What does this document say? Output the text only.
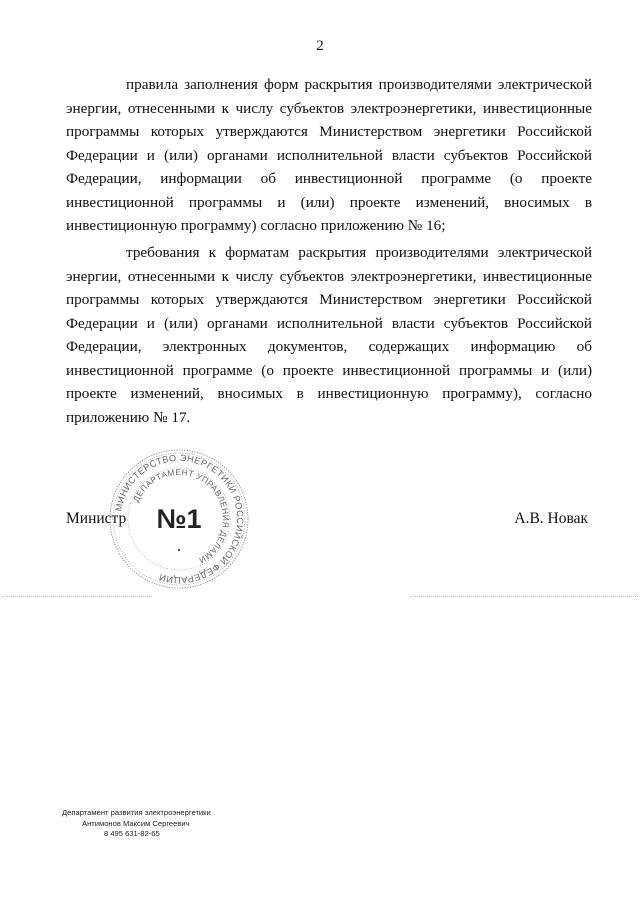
2

правила заполнения форм раскрытия производителями электрической энергии, отнесенными к числу субъектов электроэнергетики, инвестиционные программы которых утверждаются Министерством энергетики Российской Федерации и (или) органами исполнительной власти субъектов Российской Федерации, информации об инвестиционной программе (о проекте инвестиционной программы и (или) проекте изменений, вносимых в инвестиционную программу) согласно приложению № 16;

требования к форматам раскрытия производителями электрической энергии, отнесенными к числу субъектов электроэнергетики, инвестиционные программы которых утверждаются Министерством энергетики Российской Федерации и (или) органами исполнительной власти субъектов Российской Федерации, электронных документов, содержащих информацию об инвестиционной программе (о проекте инвестиционной программы и (или) проекте изменений, вносимых в инвестиционную программу), согласно приложению № 17.

Министр	А.В. Новак
МИНИСТЕРСТВО ЭНЕРГЕТИКИ РОССИЙСКОЙ ФЕДЕРАЦИИ
ДЕПАРТАМЕНТ УПРАВЛЕНИЯ ДЕЛАМИ
№1
Департамент развития электроэнергетики
Антимонов Максим Сергеевич
8 495 631-82-65
